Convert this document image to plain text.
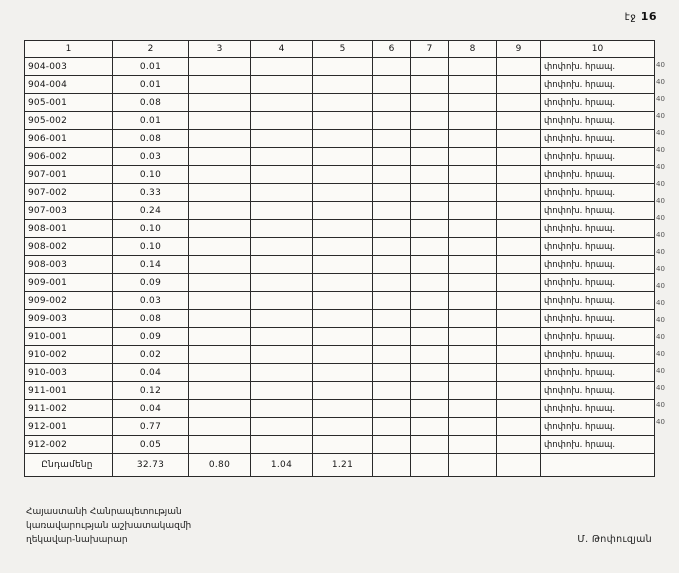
էջ 16
1	2	3	4	5	6	7	8	9	10
904-003	0.01								փոփոխ. հրապ.
904-004	0.01								փոփոխ. հրապ.
905-001	0.08								փոփոխ. հրապ.
905-002	0.01								փոփոխ. հրապ.
906-001	0.08								փոփոխ. հրապ.
906-002	0.03								փոփոխ. հրապ.
907-001	0.10								փոփոխ. հրապ.
907-002	0.33								փոփոխ. հրապ.
907-003	0.24								փոփոխ. հրապ.
908-001	0.10								փոփոխ. հրապ.
908-002	0.10								փոփոխ. հրապ.
908-003	0.14								փոփոխ. հրապ.
909-001	0.09								փոփոխ. հրապ.
909-002	0.03								փոփոխ. հրապ.
909-003	0.08								փոփոխ. հրապ.
910-001	0.09								փոփոխ. հրապ.
910-002	0.02								փոփոխ. հրապ.
910-003	0.04								փոփոխ. հրապ.
911-001	0.12								փոփոխ. հրապ.
911-002	0.04								փոփոխ. հրապ.
912-001	0.77								փոփոխ. հրապ.
912-002	0.05								փոփոխ. հրապ.
Ընդամենը	32.73	0.80	1.04	1.21					
40
40
40
40
40
40
40
40
40
40
40
40
40
40
40
40
40
40
40
40
40
40
Հայաստանի Հանրապետության
կառավարության աշխատակազմի
ղեկավար-նախարար	Մ. Թոփուզյան
